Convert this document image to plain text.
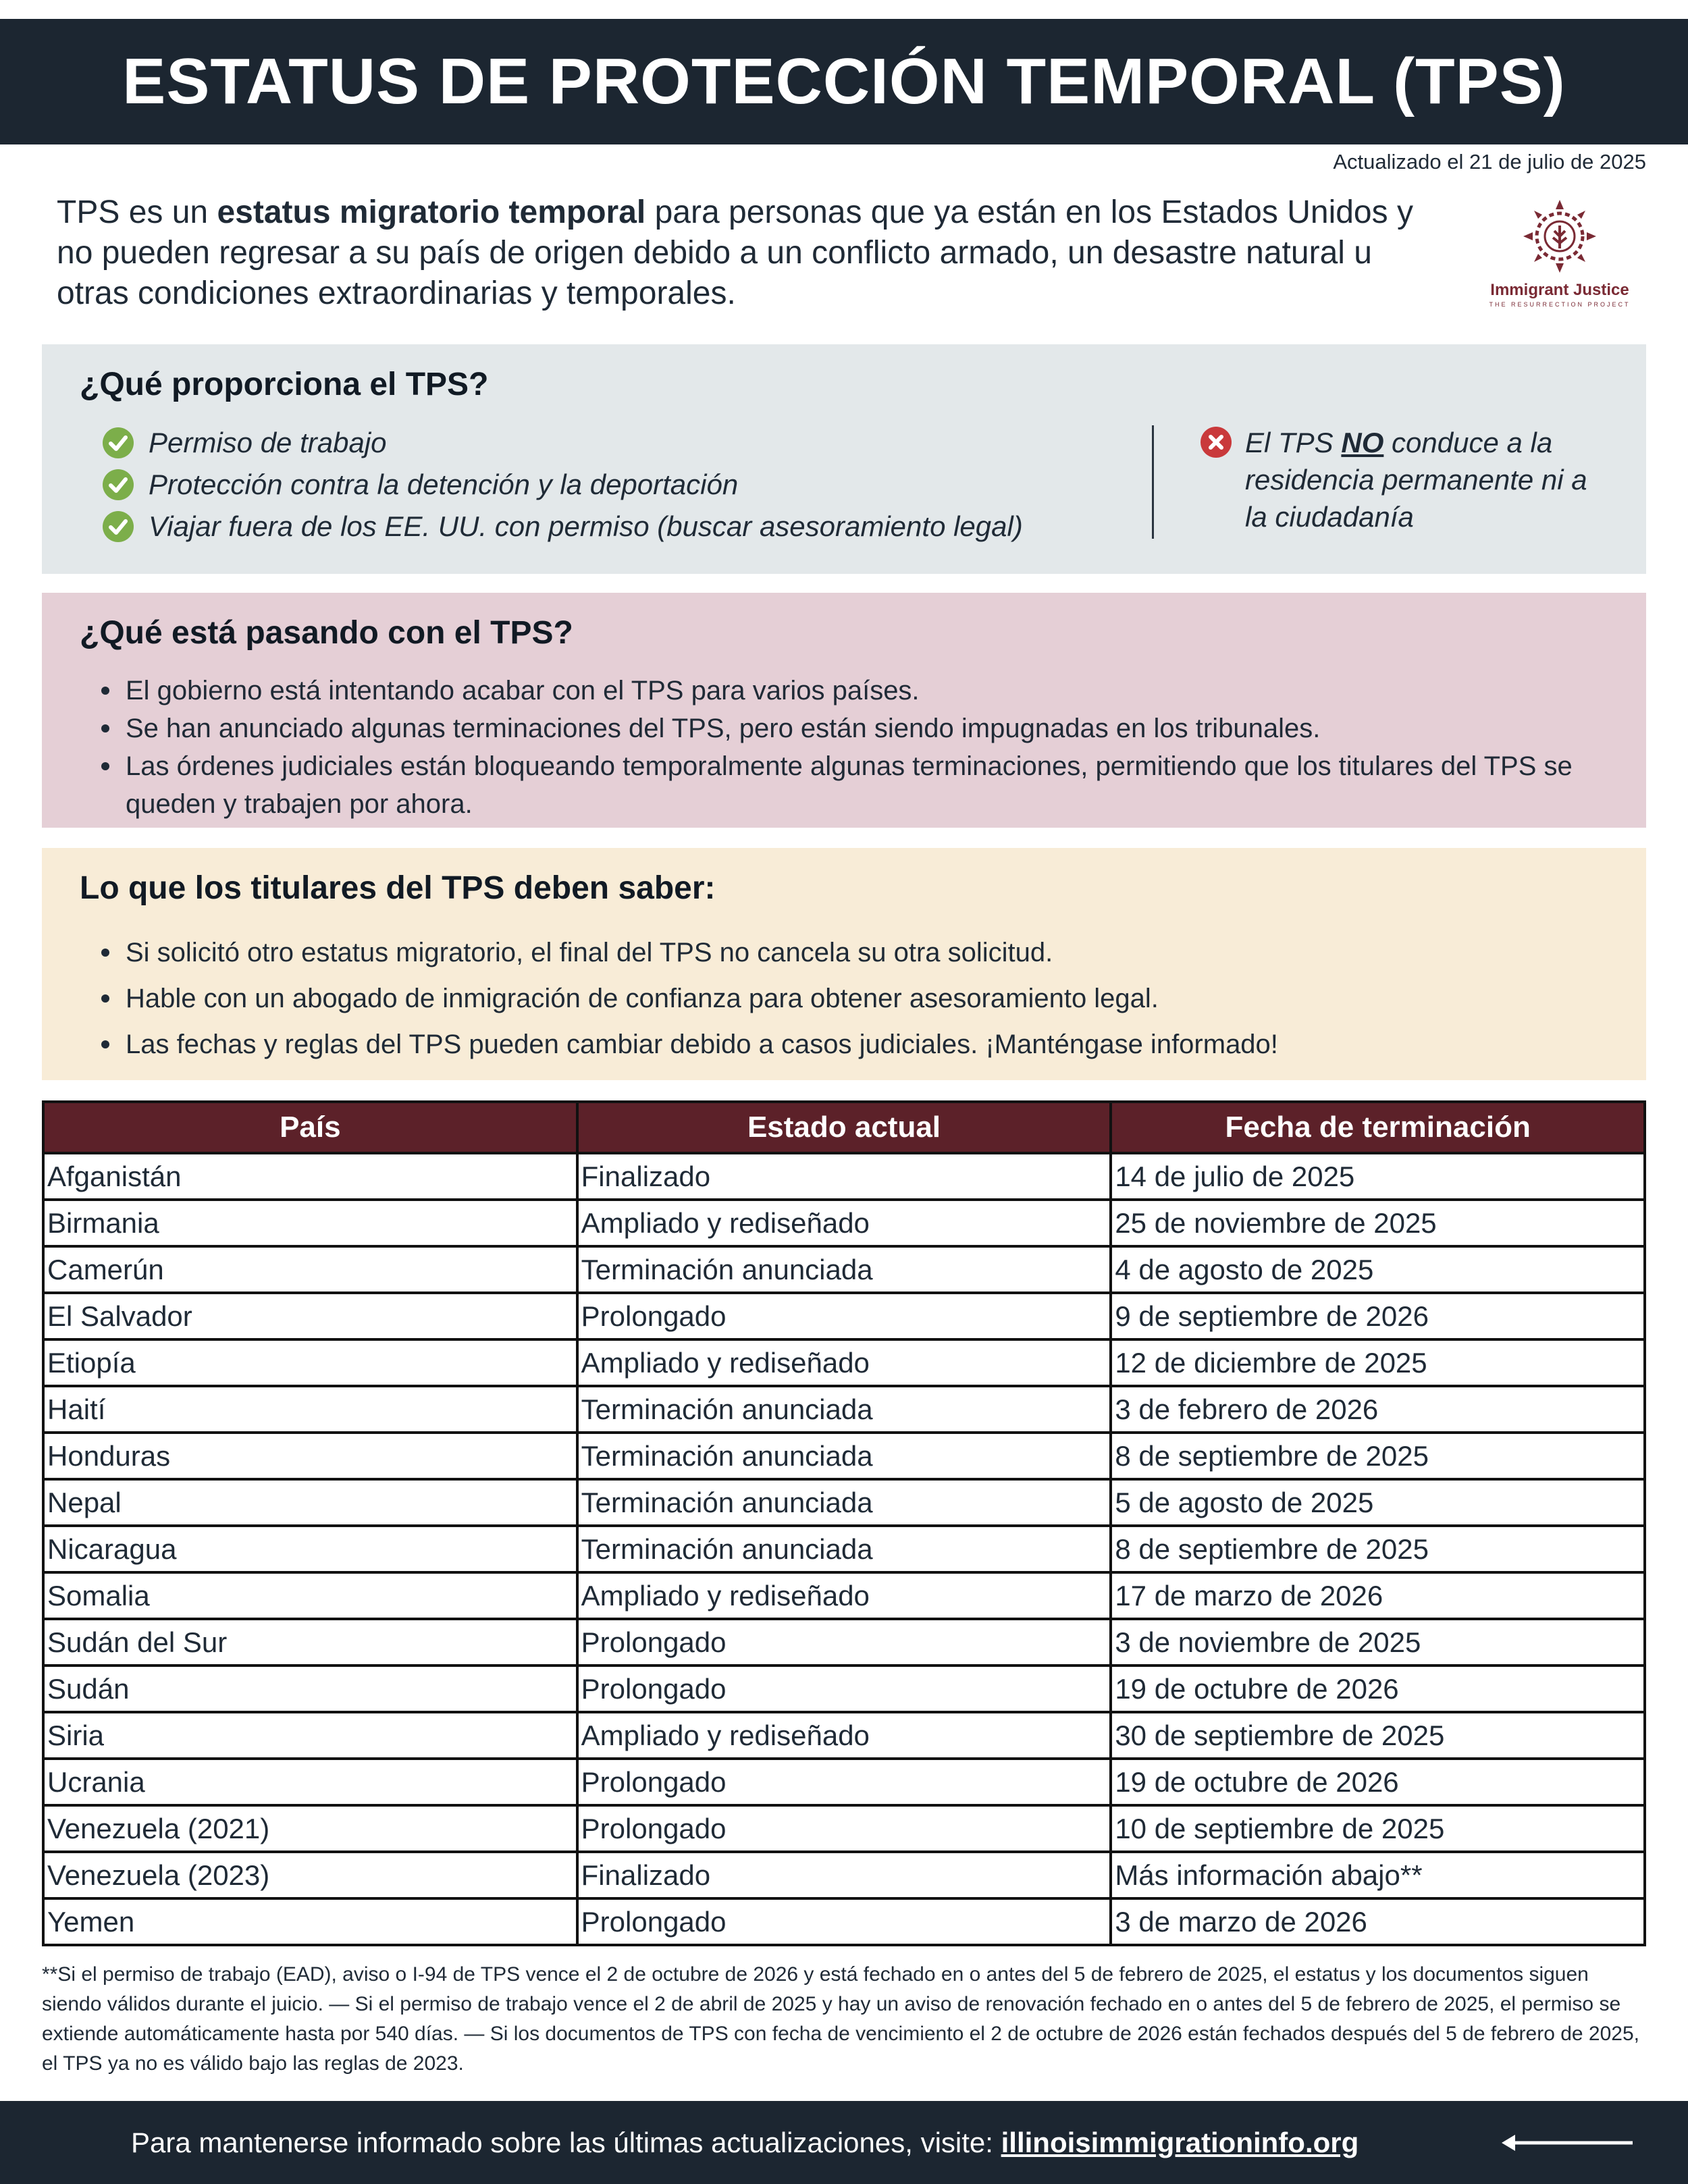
ESTATUS DE PROTECCIÓN TEMPORAL (TPS)
Actualizado el 21 de julio de 2025
TPS es un estatus migratorio temporal para personas que ya están en los Estados Unidos y no pueden regresar a su país de origen debido a un conflicto armado, un desastre natural u otras condiciones extraordinarias y temporales.	Immigrant Justice
THE RESURRECTION PROJECT
¿Qué proporciona el TPS?
Permiso de trabajo
Protección contra la detención y la deportación
Viajar fuera de los EE. UU. con permiso (buscar asesoramiento legal)
El TPS NO conduce a la residencia permanente ni a la ciudadanía
¿Qué está pasando con el TPS?
El gobierno está intentando acabar con el TPS para varios países.
Se han anunciado algunas terminaciones del TPS, pero están siendo impugnadas en los tribunales.
Las órdenes judiciales están bloqueando temporalmente algunas terminaciones, permitiendo que los titulares del TPS se queden y trabajen por ahora.
Lo que los titulares del TPS deben saber:
Si solicitó otro estatus migratorio, el final del TPS no cancela su otra solicitud.
Hable con un abogado de inmigración de confianza para obtener asesoramiento legal.
Las fechas y reglas del TPS pueden cambiar debido a casos judiciales. ¡Manténgase informado!
País	Estado actual	Fecha de terminación
Afganistán	Finalizado	14 de julio de 2025
Birmania	Ampliado y rediseñado	25 de noviembre de 2025
Camerún	Terminación anunciada	4 de agosto de 2025
El Salvador	Prolongado	9 de septiembre de 2026
Etiopía	Ampliado y rediseñado	12 de diciembre de 2025
Haití	Terminación anunciada	3 de febrero de 2026
Honduras	Terminación anunciada	8 de septiembre de 2025
Nepal	Terminación anunciada	5 de agosto de 2025
Nicaragua	Terminación anunciada	8 de septiembre de 2025
Somalia	Ampliado y rediseñado	17 de marzo de 2026
Sudán del Sur	Prolongado	3 de noviembre de 2025
Sudán	Prolongado	19 de octubre de 2026
Siria	Ampliado y rediseñado	30 de septiembre de 2025
Ucrania	Prolongado	19 de octubre de 2026
Venezuela (2021)	Prolongado	10 de septiembre de 2025
Venezuela (2023)	Finalizado	Más información abajo**
Yemen	Prolongado	3 de marzo de 2026
**Si el permiso de trabajo (EAD), aviso o I-94 de TPS vence el 2 de octubre de 2026 y está fechado en o antes del 5 de febrero de 2025, el estatus y los documentos siguen siendo válidos durante el juicio. — Si el permiso de trabajo vence el 2 de abril de 2025 y hay un aviso de renovación fechado en o antes del 5 de febrero de 2025, el permiso se extiende automáticamente hasta por 540 días. — Si los documentos de TPS con fecha de vencimiento el 2 de octubre de 2026 están fechados después del 5 de febrero de 2025, el TPS ya no es válido bajo las reglas de 2023.
Para mantenerse informado sobre las últimas actualizaciones, visite: illinoisimmigrationinfo.org
